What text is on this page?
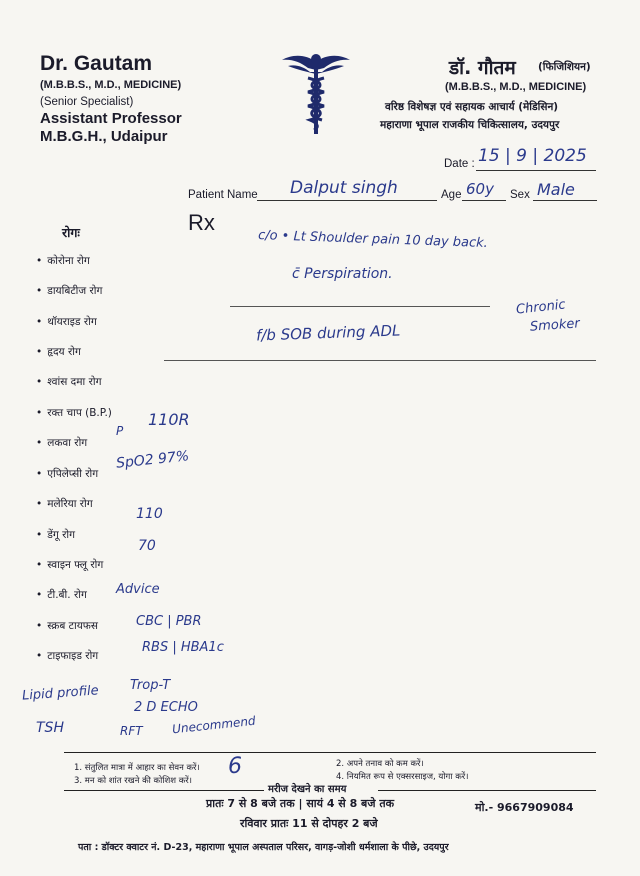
Dr. Gautam
(M.B.B.S., M.D., MEDICINE)
(Senior Specialist)
Assistant Professor
M.B.G.H., Udaipur
डॉ. गौतम (फिजिशियन)
(M.B.B.S., M.D., MEDICINE)
वरिष्ठ विशेषज्ञ एवं सहायक आचार्य (मेडिसिन)
महाराणा भूपाल राजकीय चिकित्सालय, उदयपुर
Date : 15 | 9 | 2025
Patient Name Dalput singh	Age 60y Sex Male
Rx
रोगः
• कोरोना रोग
• डायबिटीज रोग
• थॉयराइड रोग
• हृदय रोग
• श्वांस दमा रोग
• रक्त चाप (B.P.)
• लकवा रोग
• एपिलेप्सी रोग
• मलेरिया रोग
• डेंगू रोग
• स्वाइन फ्लू रोग
• टी.बी. रोग
• स्क्रब टायफस
• टाइफाइड रोग
c/o • Lt Shoulder pain 10 day back.
c̄ Perspiration.
f/b SOB during ADL
Chronic
Smoker
110R
P
SpO2 97%
110
70
Advice
CBC | PBR
RBS | HBA1c
Lipid profile Trop-T
2 D ECHO
TSH	RFT Unecommend
1. संतुलित मात्रा में आहार का सेवन करें।	2. अपने तनाव को कम करें।
3. मन को शांत रखने की कोशिश करें।	4. नियमित रूप से एक्सरसाइज, योगा करें।
6
मरीज देखने का समय
प्रातः 7 से 8 बजे तक | सायं 4 से 8 बजे तक	मो.- 9667909084
रविवार प्रातः 11 से दोपहर 2 बजे
पता : डॉक्टर क्वाटर नं. D-23, महाराणा भूपाल अस्पताल परिसर, वागड़-जोशी धर्मशाला के पीछे, उदयपुर
